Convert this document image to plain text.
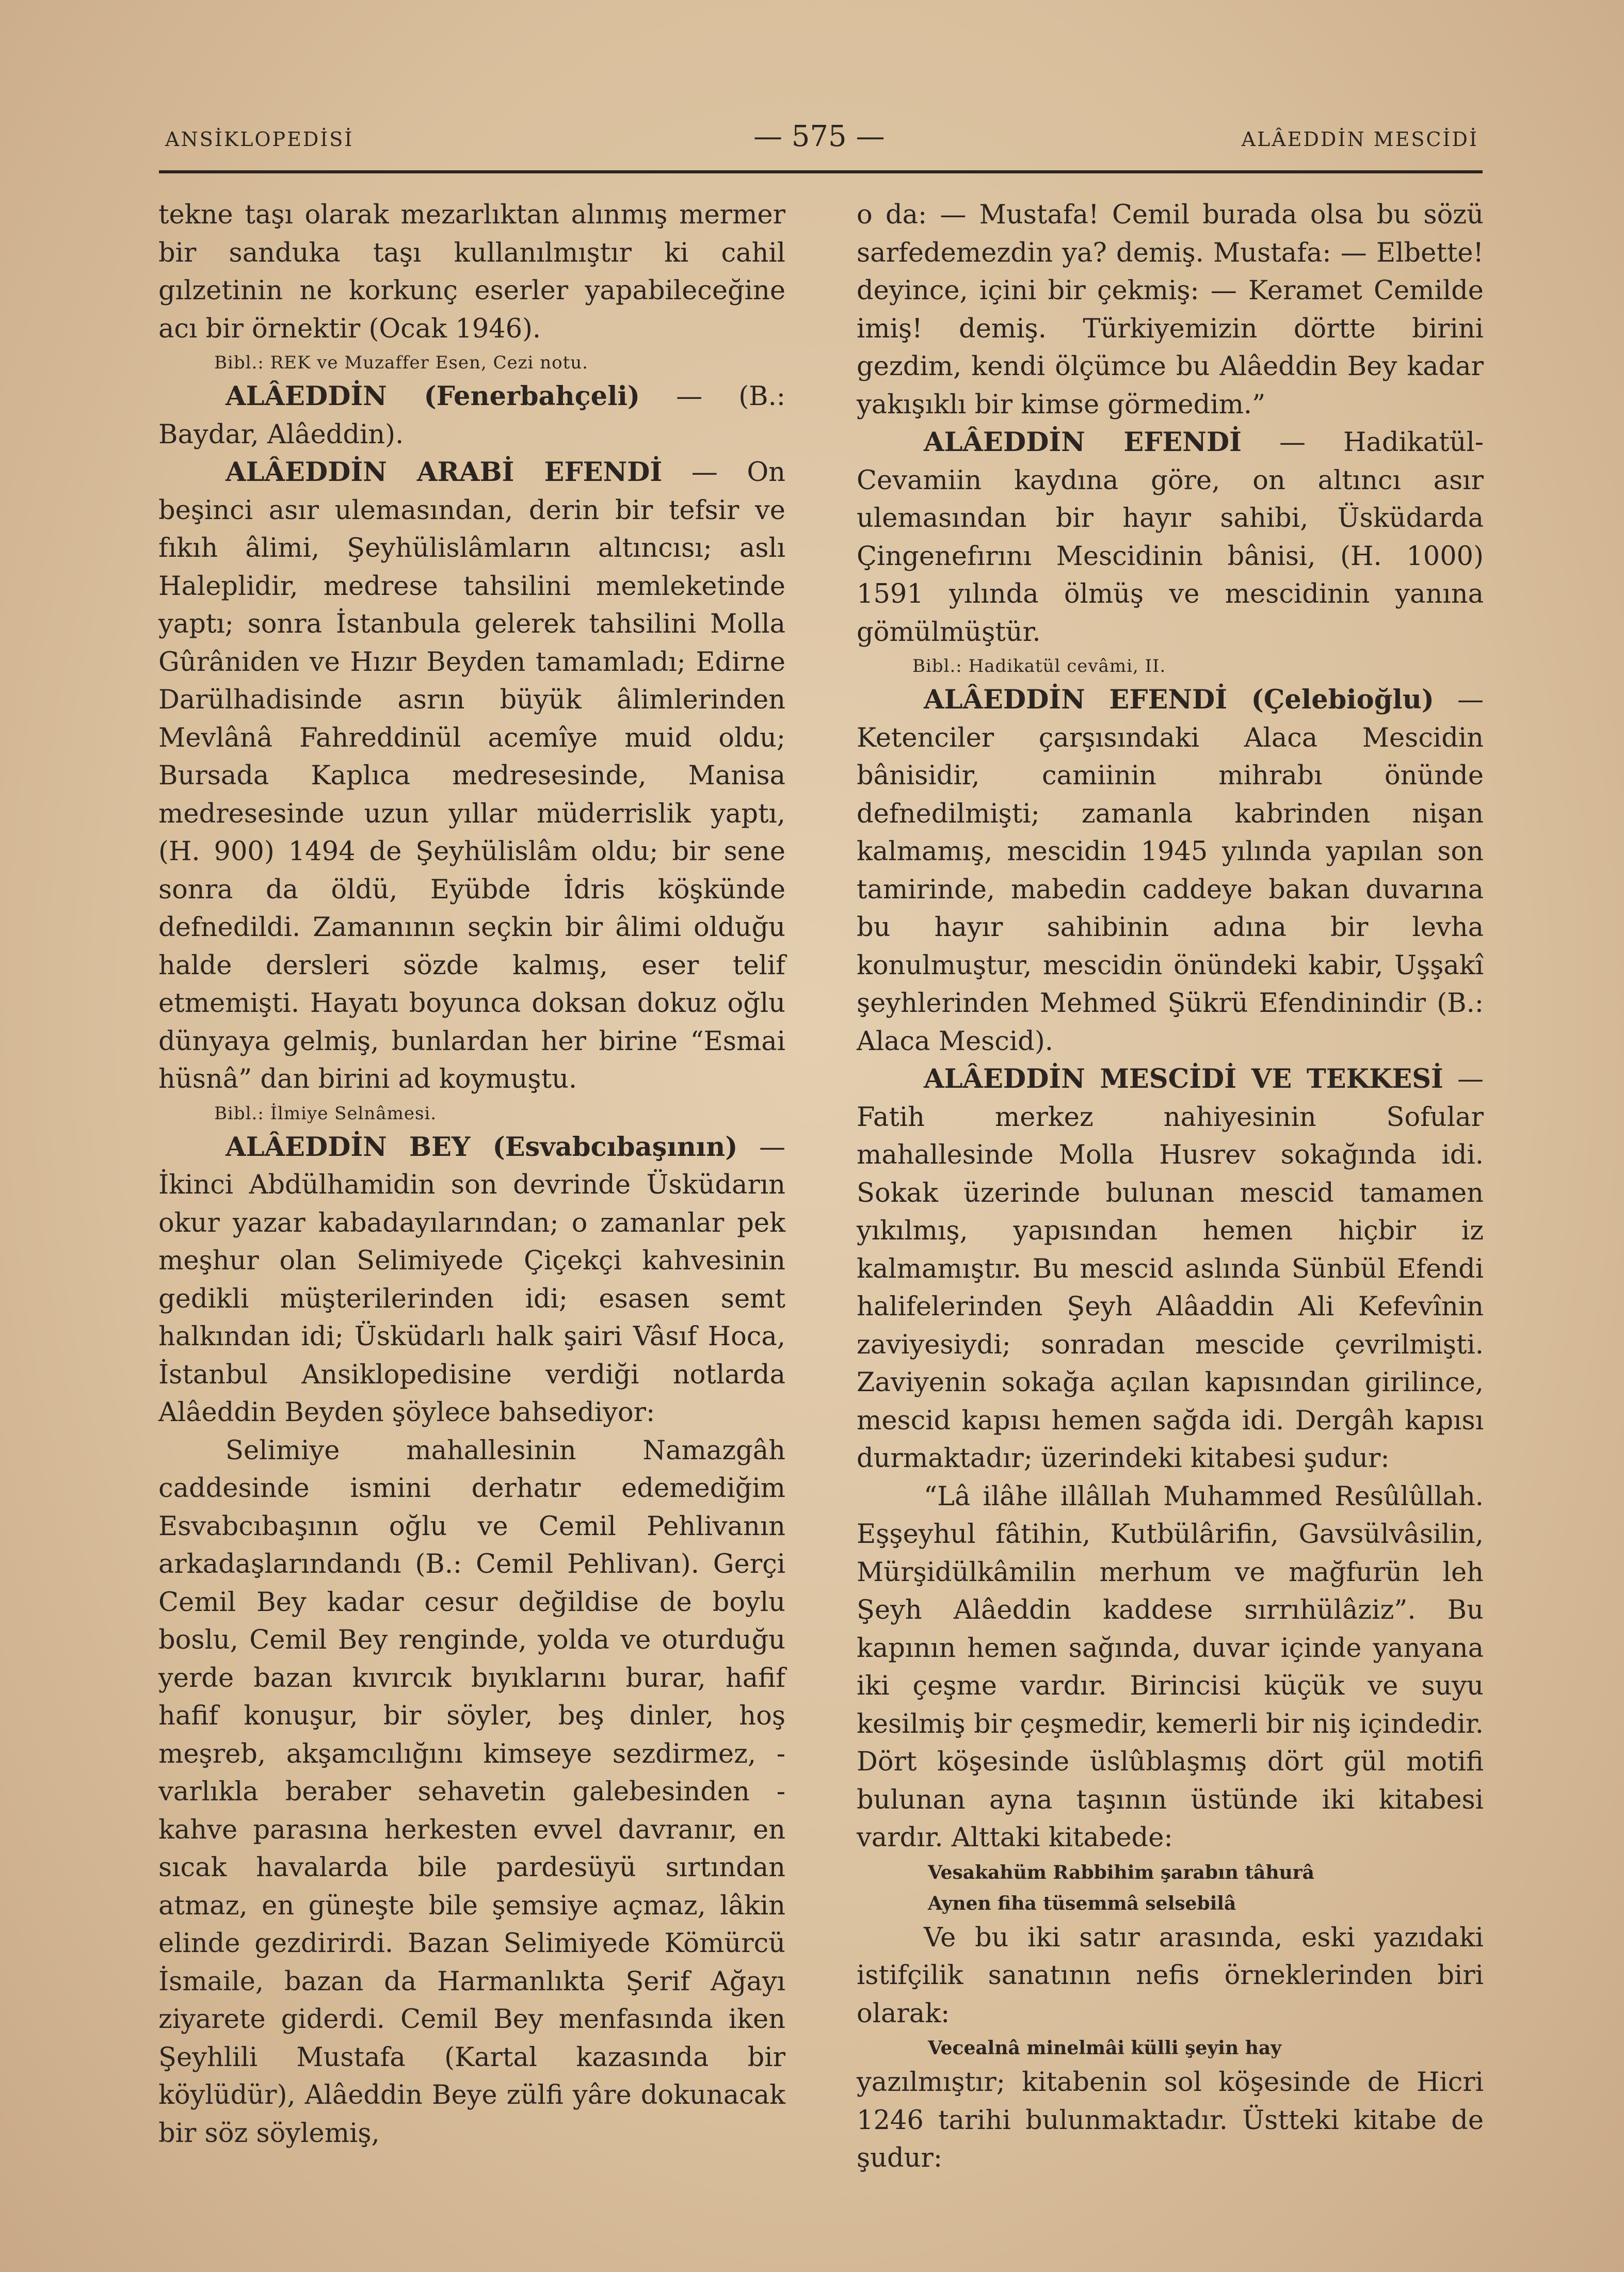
ANSİKLOPEDİSİ	— 575 —	ALÂEDDİN MESCİDİ

tekne taşı olarak mezarlıktan alınmış mermer bir sanduka taşı kullanılmıştır ki cahil gılzetinin ne korkunç eserler yapabileceğine acı bir örnektir (Ocak 1946).

Bibl.: REK ve Muzaffer Esen, Cezi notu.

ALÂEDDİN (Fenerbahçeli) — (B.: Baydar, Alâeddin).

ALÂEDDİN ARABİ EFENDİ — On beşinci asır ulemasından, derin bir tefsir ve fıkıh âlimi, Şeyhülislâmların altıncısı; aslı Haleplidir, medrese tahsilini memleketinde yaptı; sonra İstanbula gelerek tahsilini Molla Gûrâniden ve Hızır Beyden tamamladı; Edirne Darülhadisinde asrın büyük âlimlerinden Mevlânâ Fahreddinül acemîye muid oldu; Bursada Kaplıca medresesinde, Manisa medresesinde uzun yıllar müderrislik yaptı, (H. 900) 1494 de Şeyhülislâm oldu; bir sene sonra da öldü, Eyübde İdris köşkünde defnedildi. Zamanının seçkin bir âlimi olduğu halde dersleri sözde kalmış, eser telif etmemişti. Hayatı boyunca doksan dokuz oğlu dünyaya gelmiş, bunlardan her birine “Esmai hüsnâ” dan birini ad koymuştu.

Bibl.: İlmiye Selnâmesi.

ALÂEDDİN BEY (Esvabcıbaşının) — İkinci Abdülhamidin son devrinde Üsküdarın okur yazar kabadayılarından; o zamanlar pek meşhur olan Selimiyede Çiçekçi kahvesinin gedikli müşterilerinden idi; esasen semt halkından idi; Üsküdarlı halk şairi Vâsıf Hoca, İstanbul Ansiklopedisine verdiği notlarda Alâeddin Beyden şöylece bahsediyor:

Selimiye mahallesinin Namazgâh caddesinde ismini derhatır edemediğim Esvabcıbaşının oğlu ve Cemil Pehlivanın arkadaşlarındandı (B.: Cemil Pehlivan). Gerçi Cemil Bey kadar cesur değildise de boylu boslu, Cemil Bey renginde, yolda ve oturduğu yerde bazan kıvırcık bıyıklarını burar, hafif hafif konuşur, bir söyler, beş dinler, hoş meşreb, akşamcılığını kimseye sezdirmez, - varlıkla beraber sehavetin galebesinden - kahve parasına herkesten evvel davranır, en sıcak havalarda bile pardesüyü sırtından atmaz, en güneşte bile şemsiye açmaz, lâkin elinde gezdirirdi. Bazan Selimiyede Kömürcü İsmaile, bazan da Harmanlıkta Şerif Ağayı ziyarete giderdi. Cemil Bey menfasında iken Şeyhlili Mustafa (Kartal kazasında bir köylüdür), Alâeddin Beye zülfi yâre dokunacak bir söz söylemiş,

o da: — Mustafa! Cemil burada olsa bu sözü sarfedemezdin ya? demiş. Mustafa: — Elbette! deyince, içini bir çekmiş: — Keramet Cemilde imiş! demiş. Türkiyemizin dörtte birini gezdim, kendi ölçümce bu Alâeddin Bey kadar yakışıklı bir kimse görmedim.”

ALÂEDDİN EFENDİ — Hadikatül-Cevamiin kaydına göre, on altıncı asır ulemasından bir hayır sahibi, Üsküdarda Çingenefırını Mescidinin bânisi, (H. 1000) 1591 yılında ölmüş ve mescidinin yanına gömülmüştür.

Bibl.: Hadikatül cevâmi, II.

ALÂEDDİN EFENDİ (Çelebioğlu) — Ketenciler çarşısındaki Alaca Mescidin bânisidir, camiinin mihrabı önünde defnedilmişti; zamanla kabrinden nişan kalmamış, mescidin 1945 yılında yapılan son tamirinde, mabedin caddeye bakan duvarına bu hayır sahibinin adına bir levha konulmuştur, mescidin önündeki kabir, Uşşakî şeyhlerinden Mehmed Şükrü Efendinindir (B.: Alaca Mescid).

ALÂEDDİN MESCİDİ VE TEKKESİ — Fatih merkez nahiyesinin Sofular mahallesinde Molla Husrev sokağında idi. Sokak üzerinde bulunan mescid tamamen yıkılmış, yapısından hemen hiçbir iz kalmamıştır. Bu mescid aslında Sünbül Efendi halifelerinden Şeyh Alâaddin Ali Kefevînin zaviyesiydi; sonradan mescide çevrilmişti. Zaviyenin sokağa açılan kapısından girilince, mescid kapısı hemen sağda idi. Dergâh kapısı durmaktadır; üzerindeki kitabesi şudur:

“Lâ ilâhe illâllah Muhammed Resûlûllah. Eşşeyhul fâtihin, Kutbülârifin, Gavsülvâsilin, Mürşidülkâmilin merhum ve mağfurün leh Şeyh Alâeddin kaddese sırrıhülâziz”. Bu kapının hemen sağında, duvar içinde yanyana iki çeşme vardır. Birincisi küçük ve suyu kesilmiş bir çeşmedir, kemerli bir niş içindedir. Dört köşesinde üslûblaşmış dört gül motifi bulunan ayna taşının üstünde iki kitabesi vardır. Alttaki kitabede:

Vesakahüm Rabbihim şarabın tâhurâ
Aynen fiha tüsemmâ selsebilâ

Ve bu iki satır arasında, eski yazıdaki istifçilik sanatının nefis örneklerinden biri olarak:

Vecealnâ minelmâi külli şeyin hay

yazılmıştır; kitabenin sol köşesinde de Hicri 1246 tarihi bulunmaktadır. Üstteki kitabe de şudur:
